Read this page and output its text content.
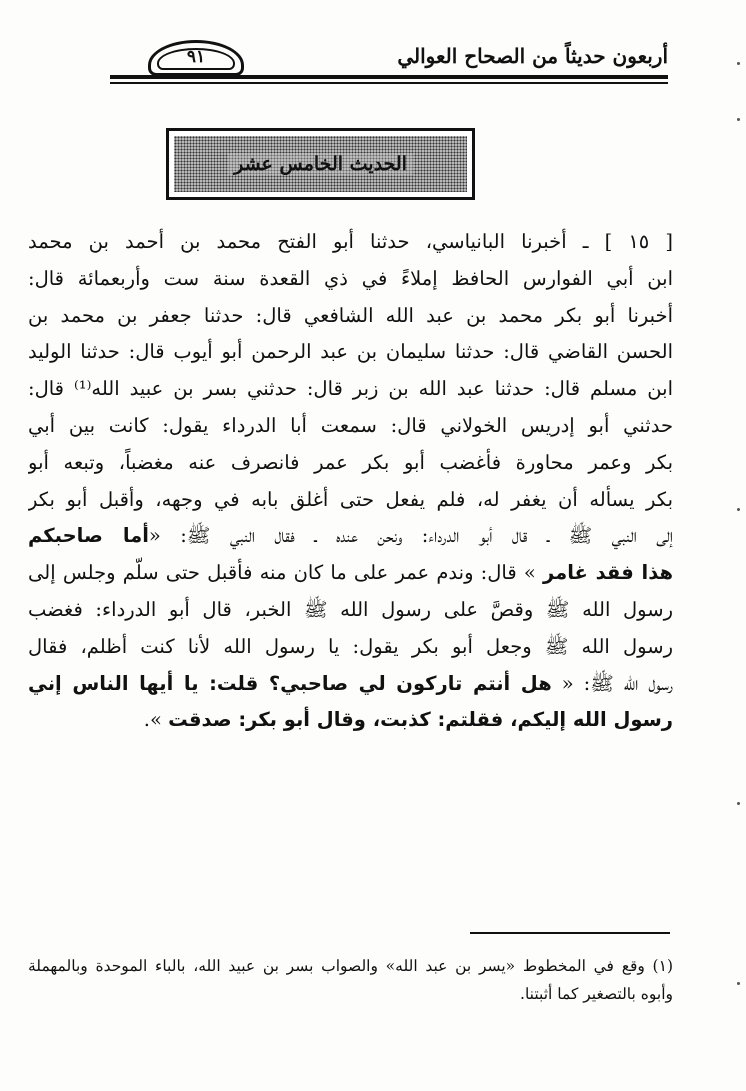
أربعون حديثاً من الصحاح العوالي
٩١
الحديث الخامس عشر
[ ١٥ ] ـ أخبرنا البانياسي، حدثنا أبو الفتح محمد بن أحمد بن محمد
ابن أبي الفوارس الحافظ إملاءً في ذي القعدة سنة ست وأربعمائة قال:
أخبرنا أبو بكر محمد بن عبد الله الشافعي قال: حدثنا جعفر بن محمد بن
الحسن القاضي قال: حدثنا سليمان بن عبد الرحمن أبو أيوب قال: حدثنا الوليد
ابن مسلم قال: حدثنا عبد الله بن زبر قال: حدثني بسر بن عبيد الله⁽¹⁾ قال:
حدثني أبو إدريس الخولاني قال: سمعت أبا الدرداء يقول: كانت بين أبي
بكر وعمر محاورة فأغضب أبو بكر عمر فانصرف عنه مغضباً، وتبعه أبو
بكر يسأله أن يغفر له، فلم يفعل حتى أغلق بابه في وجهه، وأقبل أبو بكر
إلى النبي ﷺ ـ قال أبو الدرداء: ونحن عنده ـ فقال النبي ﷺ: «أما صاحبكم
هذا فقد غامر » قال: وندم عمر على ما كان منه فأقبل حتى سلّم وجلس إلى
رسول الله ﷺ وقصَّ على رسول الله ﷺ الخبر، قال أبو الدرداء: فغضب
رسول الله ﷺ وجعل أبو بكر يقول: يا رسول الله لأنا كنت أظلم، فقال
رسول الله ﷺ: « هل أنتم تاركون لي صاحبي؟ قلت: يا أيها الناس إني
رسول الله إليكم، فقلتم: كذبت، وقال أبو بكر: صدقت ».
(١) وقع في المخطوط «يسر بن عبد الله» والصواب بسر بن عبيد الله، بالباء الموحدة وبالمهملة
وأبوه بالتصغير كما أثبتنا.
